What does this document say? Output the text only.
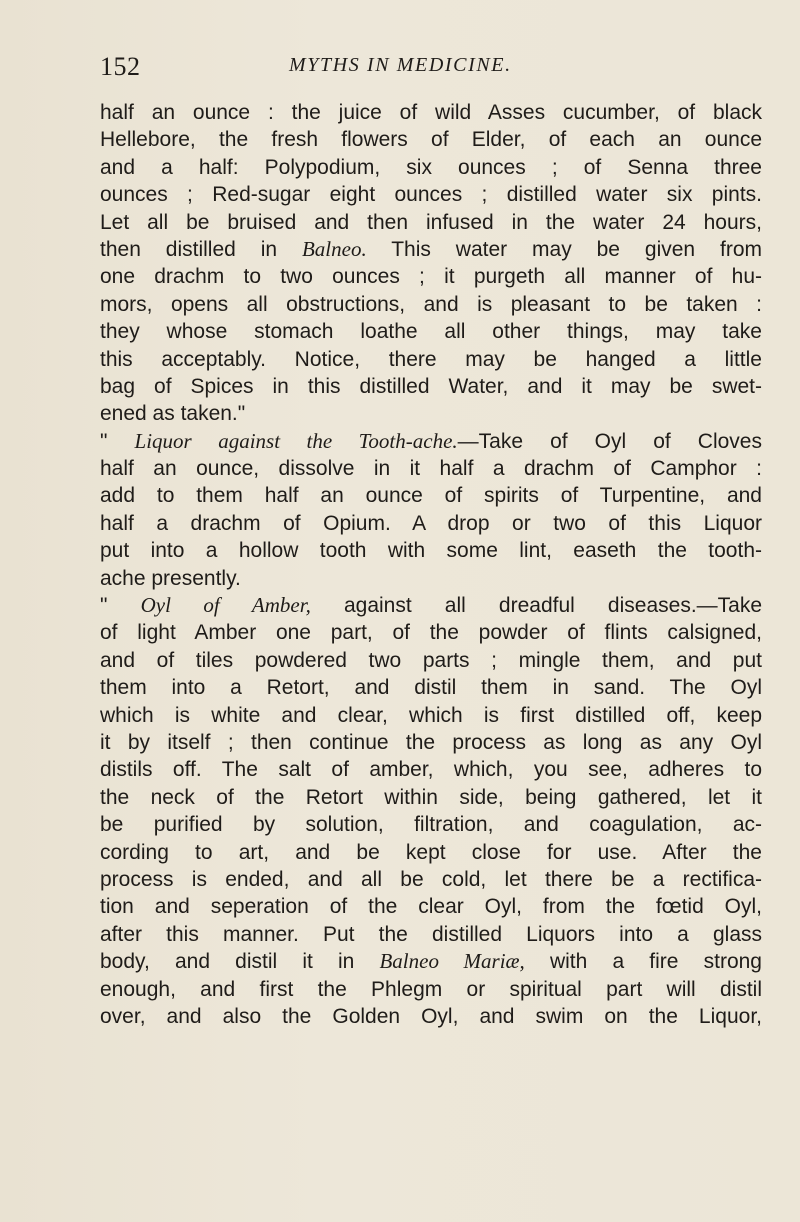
152	MYTHS IN MEDICINE.
half an ounce : the juice of wild Asses cucumber, of black
Hellebore, the fresh flowers of Elder, of each an ounce
and a half: Polypodium, six ounces ; of Senna three
ounces ; Red-sugar eight ounces ; distilled water six pints.
Let all be bruised and then infused in the water 24 hours,
then distilled in Balneo. This water may be given from
one drachm to two ounces ; it purgeth all manner of hu-
mors, opens all obstructions, and is pleasant to be taken :
they whose stomach loathe all other things, may take
this acceptably. Notice, there may be hanged a little
bag of Spices in this distilled Water, and it may be swet-
ened as taken."
" Liquor against the Tooth-ache.—Take of Oyl of Cloves
half an ounce, dissolve in it half a drachm of Camphor :
add to them half an ounce of spirits of Turpentine, and
half a drachm of Opium. A drop or two of this Liquor
put into a hollow tooth with some lint, easeth the tooth-
ache presently.
" Oyl of Amber, against all dreadful diseases.—Take
of light Amber one part, of the powder of flints calsigned,
and of tiles powdered two parts ; mingle them, and put
them into a Retort, and distil them in sand. The Oyl
which is white and clear, which is first distilled off, keep
it by itself ; then continue the process as long as any Oyl
distils off. The salt of amber, which, you see, adheres to
the neck of the Retort within side, being gathered, let it
be purified by solution, filtration, and coagulation, ac-
cording to art, and be kept close for use. After the
process is ended, and all be cold, let there be a rectifica-
tion and seperation of the clear Oyl, from the fœtid Oyl,
after this manner. Put the distilled Liquors into a glass
body, and distil it in Balneo Mariæ, with a fire strong
enough, and first the Phlegm or spiritual part will distil
over, and also the Golden Oyl, and swim on the Liquor,
